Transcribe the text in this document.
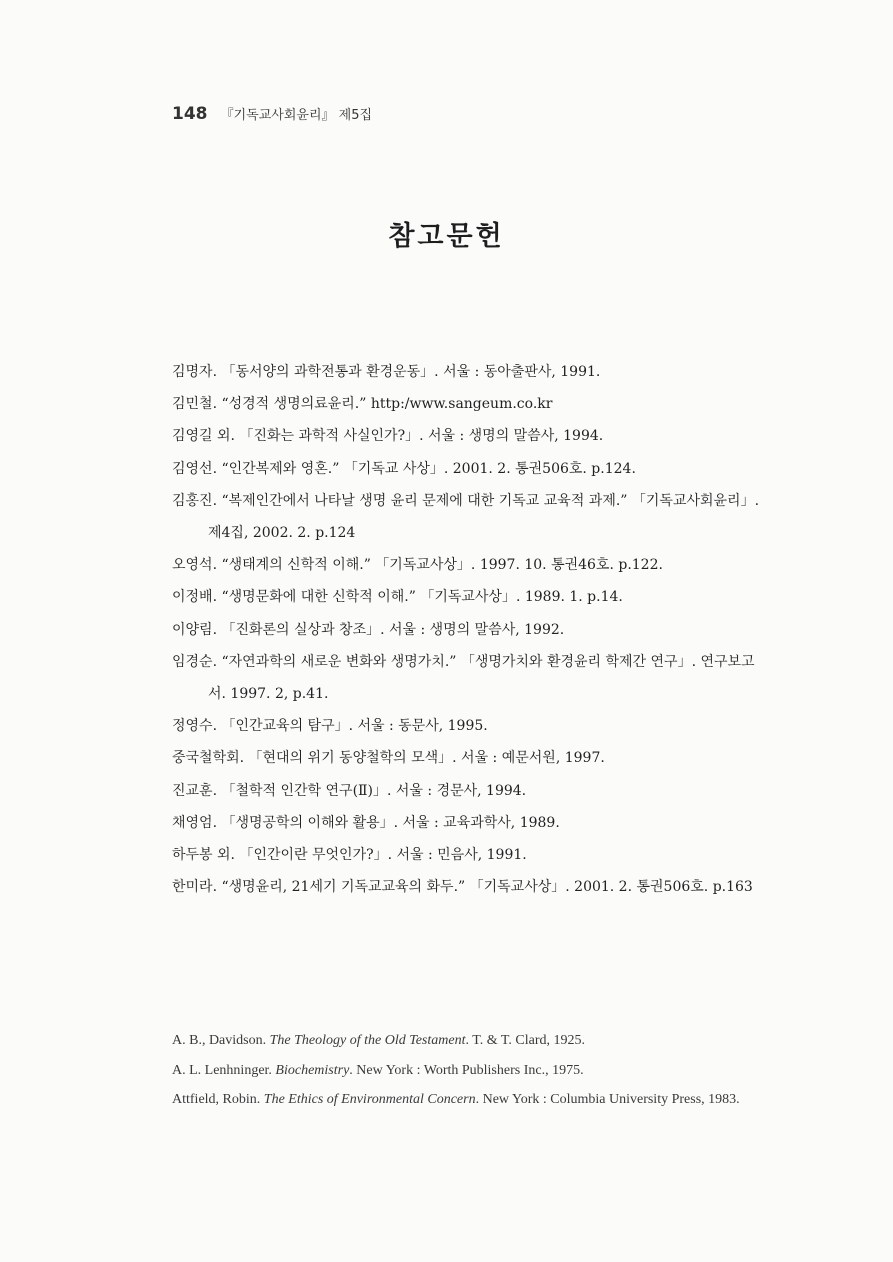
148 『기독교사회윤리』 제5집
참고문헌
김명자. 「동서양의 과학전통과 환경운동」. 서울 : 동아출판사, 1991.
김민철. “성경적 생명의료윤리.” http:/www.sangeum.co.kr
김영길 외. 「진화는 과학적 사실인가?」. 서울 : 생명의 말씀사, 1994.
김영선. “인간복제와 영혼.” 「기독교 사상」. 2001. 2. 통권506호. p.124.
김홍진. “복제인간에서 나타날 생명 윤리 문제에 대한 기독교 교육적 과제.” 「기독교사회윤리」. 제4집, 2002. 2. p.124
오영석. “생태계의 신학적 이해.” 「기독교사상」. 1997. 10. 통권46호. p.122.
이정배. “생명문화에 대한 신학적 이해.” 「기독교사상」. 1989. 1. p.14.
이양림. 「진화론의 실상과 창조」. 서울 : 생명의 말씀사, 1992.
임경순. “자연과학의 새로운 변화와 생명가치.” 「생명가치와 환경윤리 학제간 연구」. 연구보고서. 1997. 2, p.41.
정영수. 「인간교육의 탐구」. 서울 : 동문사, 1995.
중국철학회. 「현대의 위기 동양철학의 모색」. 서울 : 예문서원, 1997.
진교훈. 「철학적 인간학 연구(Ⅱ)」. 서울 : 경문사, 1994.
채영엄. 「생명공학의 이해와 활용」. 서울 : 교육과학사, 1989.
하두봉 외. 「인간이란 무엇인가?」. 서울 : 민음사, 1991.
한미라. “생명윤리, 21세기 기독교교육의 화두.” 「기독교사상」. 2001. 2. 통권506호. p.163
A. B., Davidson. The Theology of the Old Testament. T. & T. Clard, 1925.
A. L. Lenhninger. Biochemistry. New York : Worth Publishers Inc., 1975.
Attfield, Robin. The Ethics of Environmental Concern. New York : Columbia University Press, 1983.
